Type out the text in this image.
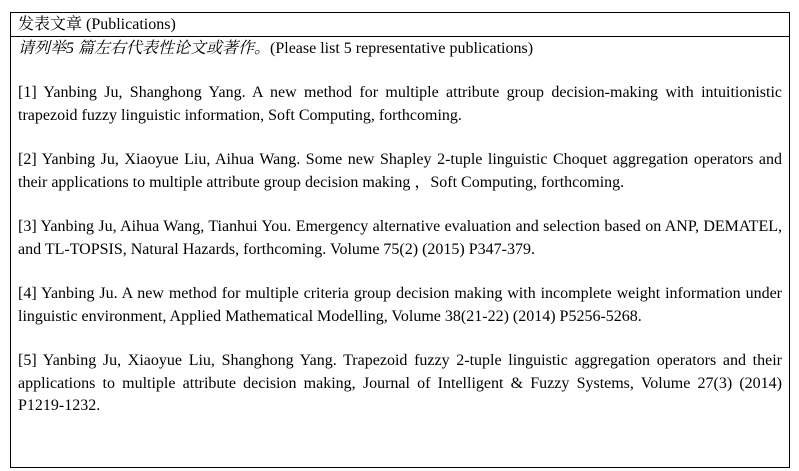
发表文章 (Publications)
请列举5 篇左右代表性论文或著作。(Please list 5 representative publications)
[1] Yanbing Ju, Shanghong Yang. A new method for multiple attribute group decision-making with intuitionistic trapezoid fuzzy linguistic information, Soft Computing, forthcoming.
[2] Yanbing Ju, Xiaoyue Liu, Aihua Wang. Some new Shapley 2-tuple linguistic Choquet aggregation operators and their applications to multiple attribute group decision making ，Soft Computing, forthcoming.
[3] Yanbing Ju, Aihua Wang, Tianhui You. Emergency alternative evaluation and selection based on ANP, DEMATEL, and TL-TOPSIS, Natural Hazards, forthcoming. Volume 75(2) (2015) P347-379.
[4] Yanbing Ju. A new method for multiple criteria group decision making with incomplete weight information under linguistic environment, Applied Mathematical Modelling, Volume 38(21-22) (2014) P5256-5268.
[5] Yanbing Ju, Xiaoyue Liu, Shanghong Yang. Trapezoid fuzzy 2-tuple linguistic aggregation operators and their applications to multiple attribute decision making, Journal of Intelligent & Fuzzy Systems, Volume 27(3) (2014) P1219-1232.
